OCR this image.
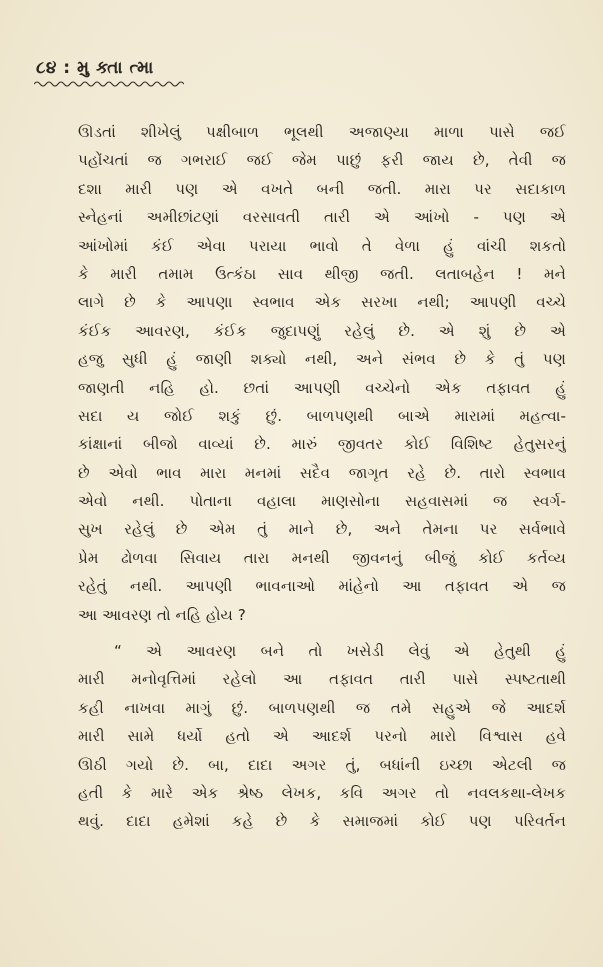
૮૪ : મુ ક્તા ત્મા
ઊડતાં શીખેલું પક્ષીબાળ ભૂલથી અજાણ્યા માળા પાસે જઈ
પહોંચતાં જ ગભરાઈ જઈ જેમ પાછું ફરી જાય છે, તેવી જ
દશા મારી પણ એ વખતે બની જતી. મારા પર સદાકાળ
સ્નેહનાં અમીછાંટણાં વરસાવતી તારી એ આંખો - પણ એ
આંખોમાં કંઈ એવા પરાયા ભાવો તે વેળા હું વાંચી શકતો
કે મારી તમામ ઉત્કંઠા સાવ થીજી જતી. લતાબહેન ! મને
લાગે છે કે આપણા સ્વભાવ એક સરખા નથી; આપણી વચ્ચે
કંઈક આવરણ, કંઈક જુદાપણું રહેલું છે. એ શું છે એ
હજુ સુધી હું જાણી શક્યો નથી, અને સંભવ છે કે તું પણ
જાણતી નહિ હો. છતાં આપણી વચ્ચેનો એક તફાવત હું
સદા ય જોઈ શકું છું. બાળપણથી બાએ મારામાં મહત્વા-
કાંક્ષાનાં બીજો વાવ્યાં છે. મારું જીવતર કોઈ વિશિષ્ટ હેતુસરનું
છે એવો ભાવ મારા મનમાં સદૈવ જાગૃત રહે છે. તારો સ્વભાવ
એવો નથી. પોતાના વહાલા માણસોના સહવાસમાં જ સ્વર્ગ-
સુખ રહેલું છે એમ તું માને છે, અને તેમના પર સર્વભાવે
પ્રેમ ઢોળવા સિવાય તારા મનથી જીવનનું બીજું કોઈ કર્તવ્ય
રહેતું નથી. આપણી ભાવનાઓ માંહેનો આ તફાવત એ જ
આ આવરણ તો નહિ હોય ?
“ એ આવરણ બને તો ખસેડી લેવું એ હેતુથી હું
મારી મનોવૃત્તિમાં રહેલો આ તફાવત તારી પાસે સ્પષ્ટતાથી
કહી નાખવા માગું છું. બાળપણથી જ તમે સહુએ જે આદર્શ
મારી સામે ધર્યો હતો એ આદર્શ પરનો મારો વિશ્વાસ હવે
ઊઠી ગયો છે. બા, દાદા અગર તું, બધાંની ઇચ્છા એટલી જ
હતી કે મારે એક શ્રેષ્ઠ લેખક, કવિ અગર તો નવલકથા-લેખક
થવું. દાદા હમેશાં કહે છે કે સમાજમાં કોઈ પણ પરિવર્તન
